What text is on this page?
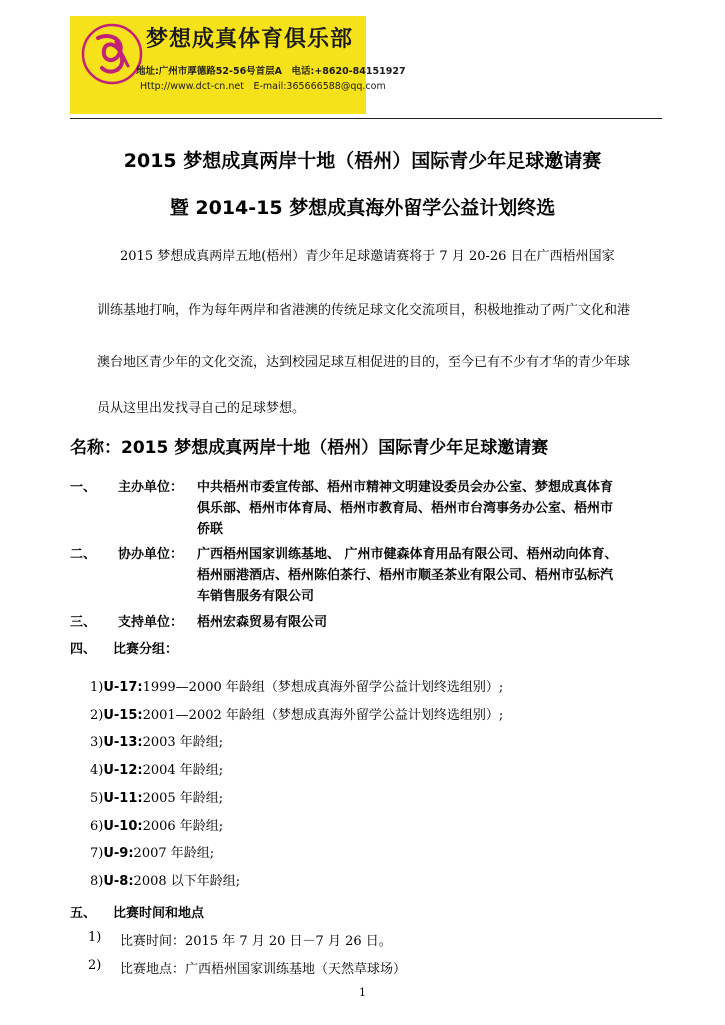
梦想成真体育俱乐部
地址:广州市厚德路52-56号首层A　电话:+8620-84151927
Http://www.dct-cn.net　E-mail:365666588@qq.com
2015 梦想成真两岸十地（梧州）国际青少年足球邀请赛
暨 2014-15 梦想成真海外留学公益计划终选
2015 梦想成真两岸五地(梧州）青少年足球邀请赛将于 7 月 20-26 日在广西梧州国家
训练基地打响，作为每年两岸和省港澳的传统足球文化交流项目，积极地推动了两广文化和港
澳台地区青少年的文化交流，达到校园足球互相促进的目的，至今已有不少有才华的青少年球
员从这里出发找寻自己的足球梦想。
名称：2015 梦想成真两岸十地（梧州）国际青少年足球邀请赛
一、 主办单位： 中共梧州市委宣传部、梧州市精神文明建设委员会办公室、梦想成真体育
俱乐部、梧州市体育局、梧州市教育局、梧州市台湾事务办公室、梧州市
侨联
二、 协办单位： 广西梧州国家训练基地、 广州市健森体育用品有限公司、梧州动向体育、
梧州丽港酒店、梧州陈伯茶行、梧州市顺圣茶业有限公司、梧州市弘标汽
车销售服务有限公司
三、 支持单位： 梧州宏森贸易有限公司
四、 比赛分组：
1)U-17:1999—2000 年龄组（梦想成真海外留学公益计划终选组别）;
2)U-15:2001—2002 年龄组（梦想成真海外留学公益计划终选组别）;
3)U-13:2003 年龄组;
4)U-12:2004 年龄组;
5)U-11:2005 年龄组;
6)U-10:2006 年龄组;
7)U-9:2007 年龄组;
8)U-8:2008 以下年龄组;
五、 比赛时间和地点
1) 比赛时间：2015 年 7 月 20 日－7 月 26 日。
2) 比赛地点：广西梧州国家训练基地（天然草球场）
1
